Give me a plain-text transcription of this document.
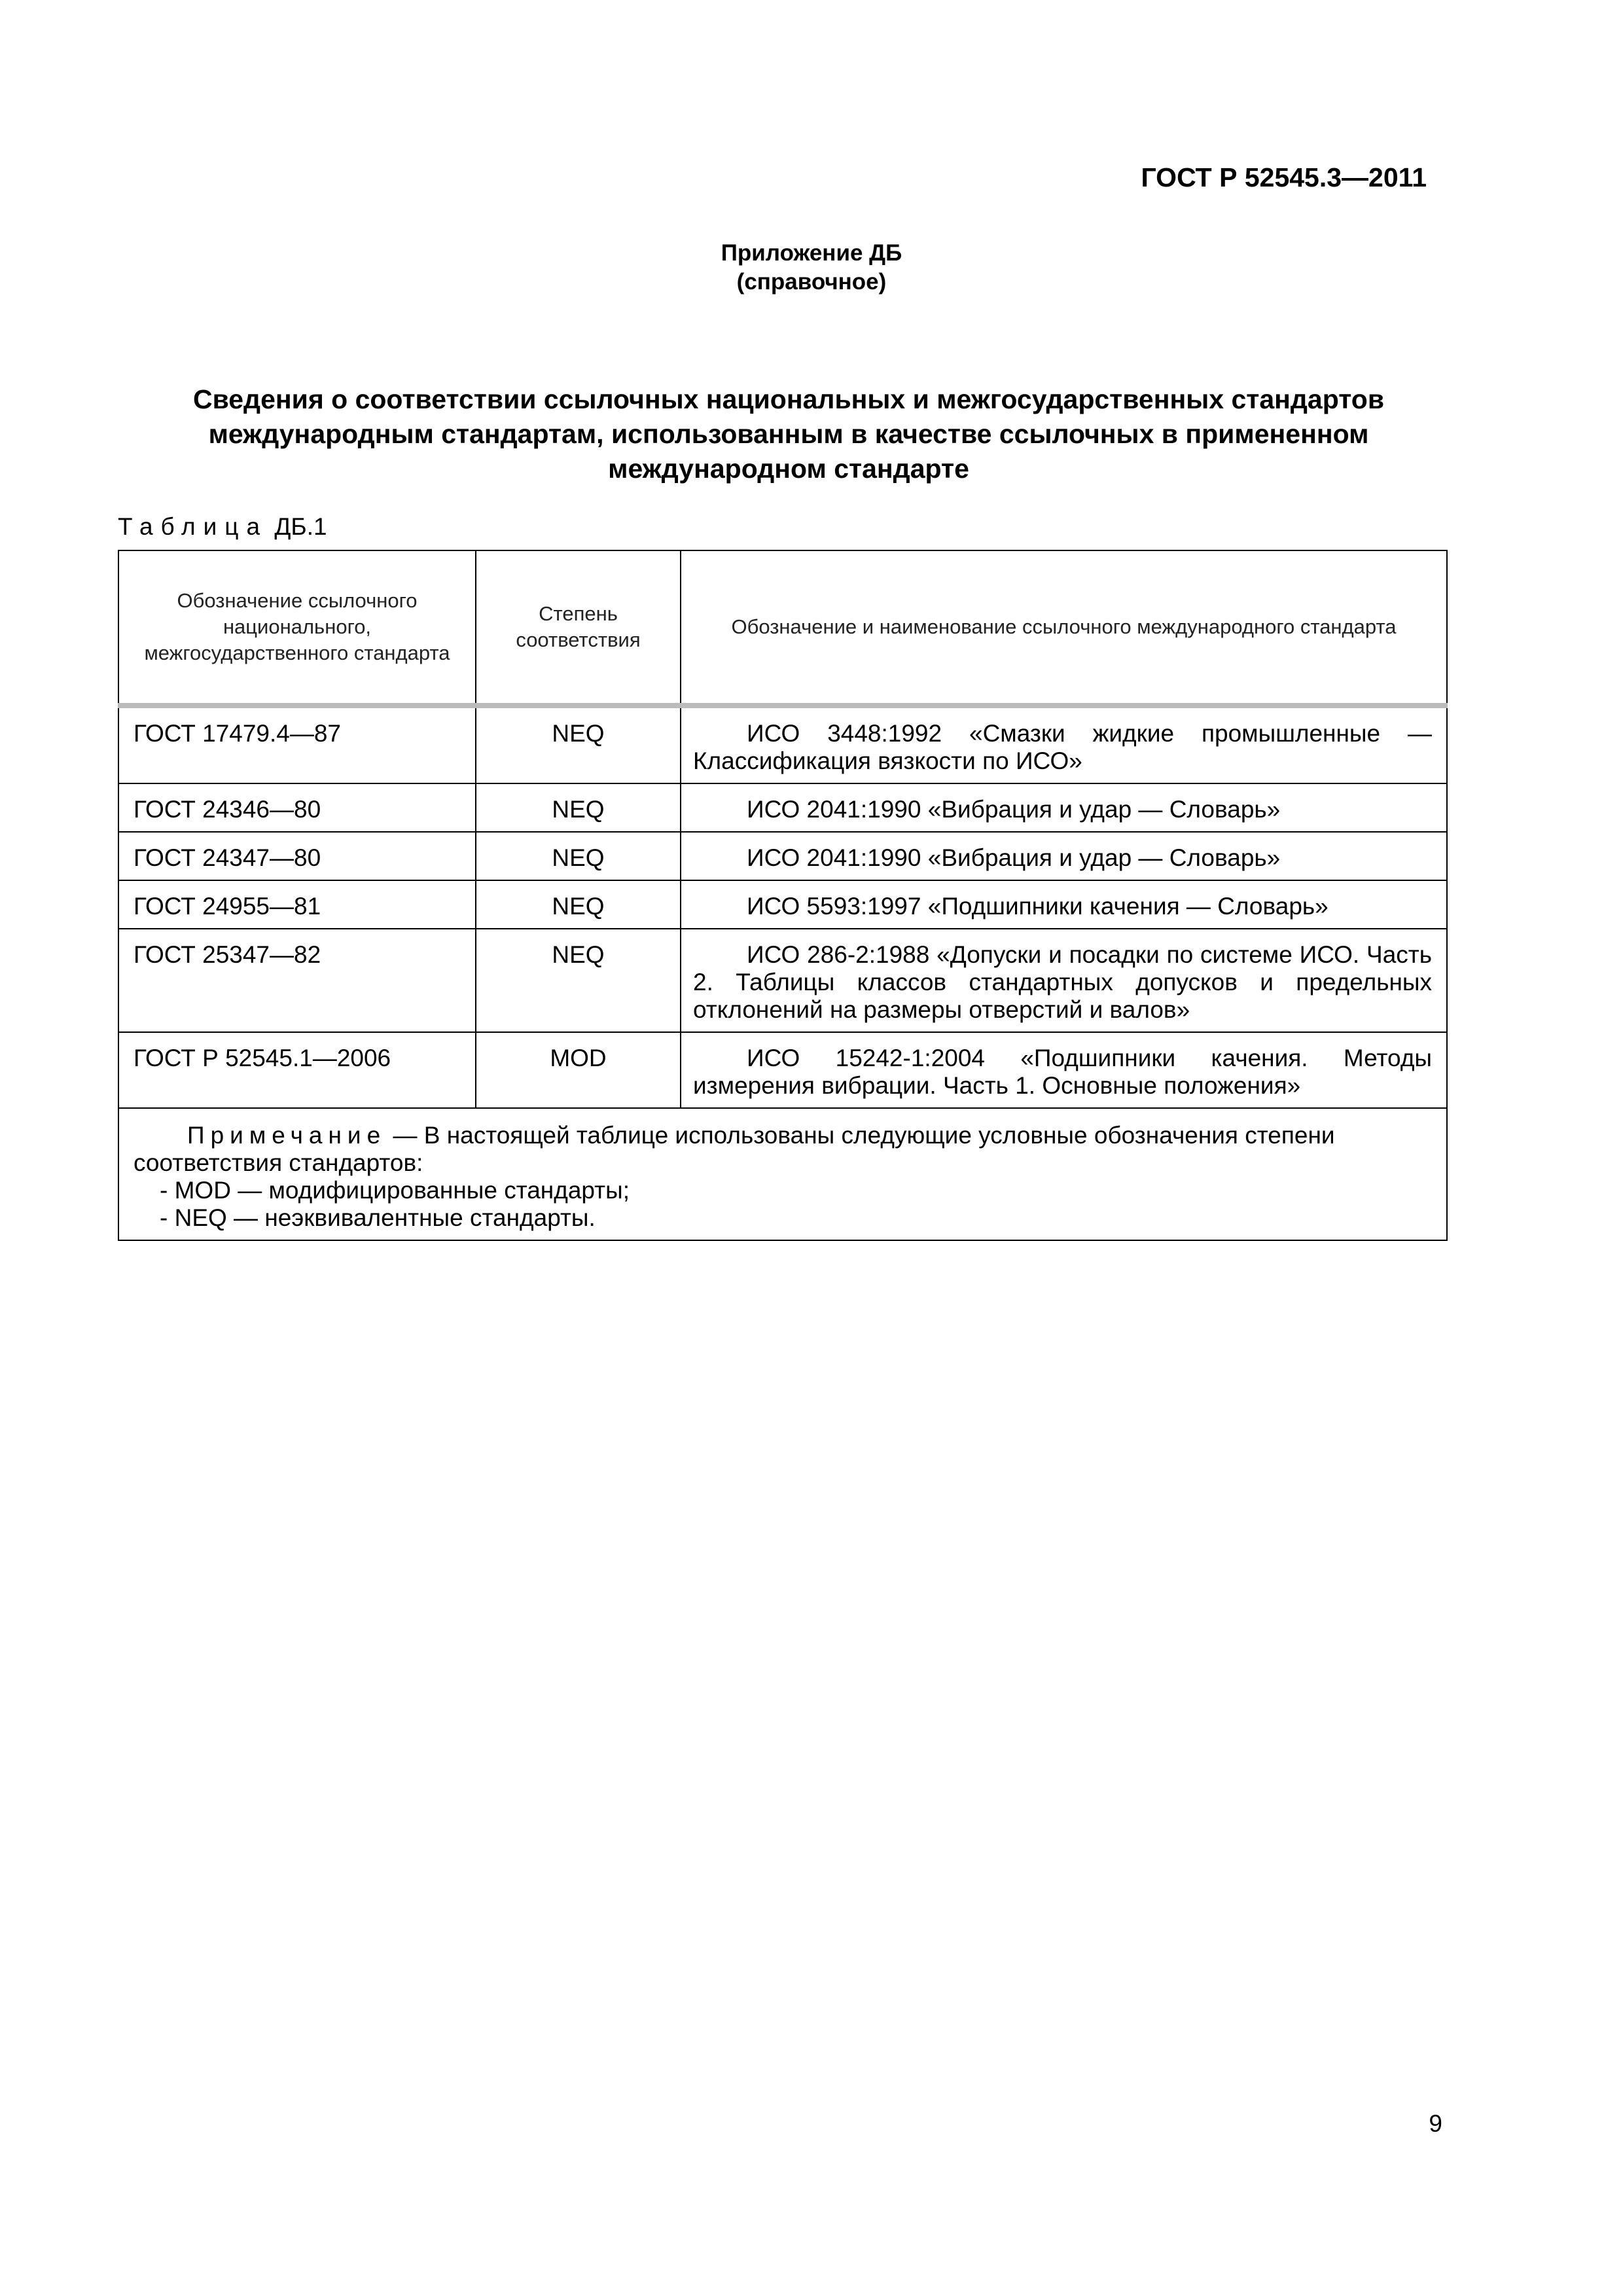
ГОСТ Р 52545.3—2011
Приложение ДБ
(справочное)
Сведения о соответствии ссылочных национальных и межгосударственных стандартов
международным стандартам, использованным в качестве ссылочных в примененном
международном стандарте
Таблица ДБ.1
Обозначение ссылочного национального, межгосударственного стандарта	Степень соответствия	Обозначение и наименование ссылочного международного стандарта

ГОСТ 17479.4—87	NEQ	ИСО 3448:1992 «Смазки жидкие промышленные — Классификация вязкости по ИСО»
ГОСТ 24346—80	NEQ	ИСО 2041:1990 «Вибрация и удар — Словарь»
ГОСТ 24347—80	NEQ	ИСО 2041:1990 «Вибрация и удар — Словарь»
ГОСТ 24955—81	NEQ	ИСО 5593:1997 «Подшипники качения — Словарь»
ГОСТ 25347—82	NEQ	ИСО 286-2:1988 «Допуски и посадки по системе ИСО. Часть 2. Таблицы классов стандартных допусков и предельных отклонений на размеры отверстий и валов»
ГОСТ Р 52545.1—2006	MOD	ИСО 15242-1:2004 «Подшипники качения. Методы измерения вибрации. Часть 1. Основные положения»

Примечание — В настоящей таблице использованы следующие условные обозначения степени соответствия стандартов:
- MOD — модифицированные стандарты;
- NEQ — неэквивалентные стандарты.		
9
